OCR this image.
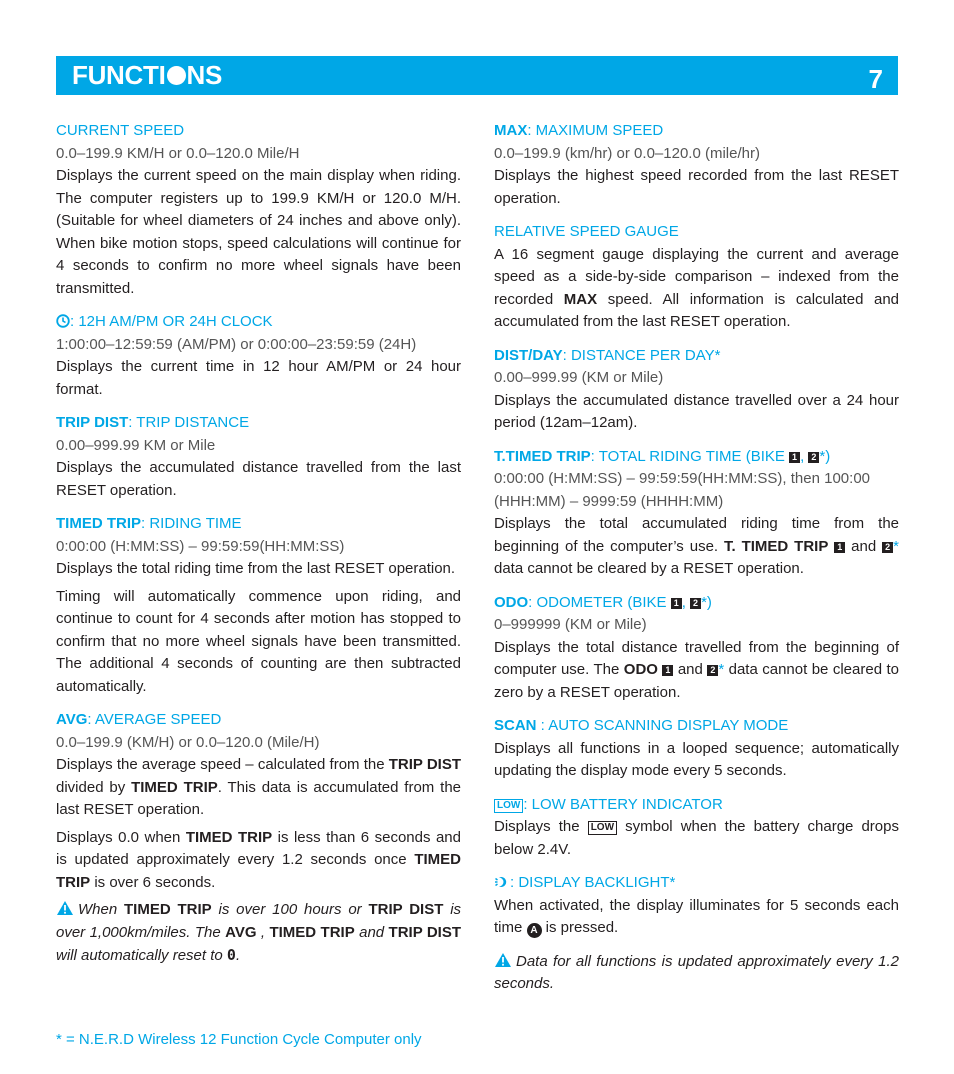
FUNCTI NS	7
CURRENT SPEED
0.0–199.9 KM/H or 0.0–120.0 Mile/H
Displays the current speed on the main display when riding. The computer registers up to 199.9 KM/H or 120.0 M/H. (Suitable for wheel diameters of 24 inches and above only). When bike motion stops, speed calculations will continue for 4 seconds to confirm no more wheel signals have been transmitted.
: 12H AM/PM OR 24H CLOCK
1:00:00–12:59:59 (AM/PM) or 0:00:00–23:59:59 (24H)
Displays the current time in 12 hour AM/PM or 24 hour format.
TRIP DIST: TRIP DISTANCE
0.00–999.99 KM or Mile
Displays the accumulated distance travelled from the last RESET operation.
TIMED TRIP: RIDING TIME
0:00:00 (H:MM:SS) – 99:59:59(HH:MM:SS)

Displays the total riding time from the last RESET operation.

Timing will automatically commence upon riding, and continue to count for 4 seconds after motion has stopped to confirm that no more wheel signals have been transmitted. The additional 4 seconds of counting are then subtracted automatically.

AVG: AVERAGE SPEED
0.0–199.9 (KM/H) or 0.0–120.0 (Mile/H)

Displays the average speed – calculated from the TRIP DIST divided by TIMED TRIP. This data is accumulated from the last RESET operation.

Displays 0.0 when TIMED TRIP is less than 6 seconds and is updated approximately every 1.2 seconds once TIMED TRIP is over 6 seconds.

When TIMED TRIP is over 100 hours or TRIP DIST is over 1,000km/miles. The AVG , TIMED TRIP and TRIP DIST will automatically reset to 0.

MAX: MAXIMUM SPEED
0.0–199.9 (km/hr) or 0.0–120.0 (mile/hr)
Displays the highest speed recorded from the last RESET operation.
RELATIVE SPEED GAUGE
A 16 segment gauge displaying the current and average speed as a side-by-side comparison – indexed from the recorded MAX speed. All information is calculated and accumulated from the last RESET operation.
DIST/DAY: DISTANCE PER DAY*
0.00–999.99 (KM or Mile)
Displays the accumulated distance travelled over a 24 hour period (12am–12am).
T.TIMED TRIP: TOTAL RIDING TIME (BIKE 1 , 2 *)
0:00:00 (H:MM:SS) – 99:59:59(HH:MM:SS), then 100:00 (HHH:MM) – 9999:59 (HHHH:MM)
Displays the total accumulated riding time from the beginning of the computer’s use. T. TIMED TRIP 1 and 2 * data cannot be cleared by a RESET operation.
ODO: ODOMETER (BIKE 1 , 2 *)
0–999999 (KM or Mile)
Displays the total distance travelled from the beginning of computer use. The ODO 1 and 2 * data cannot be cleared to zero by a RESET operation.
SCAN : AUTO SCANNING DISPLAY MODE
Displays all functions in a looped sequence; automatically updating the display mode every 5 seconds.
LOW : LOW BATTERY INDICATOR
Displays the LOW symbol when the battery charge drops below 2.4V.
: DISPLAY BACKLIGHT*
When activated, the display illuminates for 5 seconds each time A is pressed.
Data for all functions is updated approximately every 1.2 seconds.
* = N.E.R.D Wireless 12 Function Cycle Computer only
